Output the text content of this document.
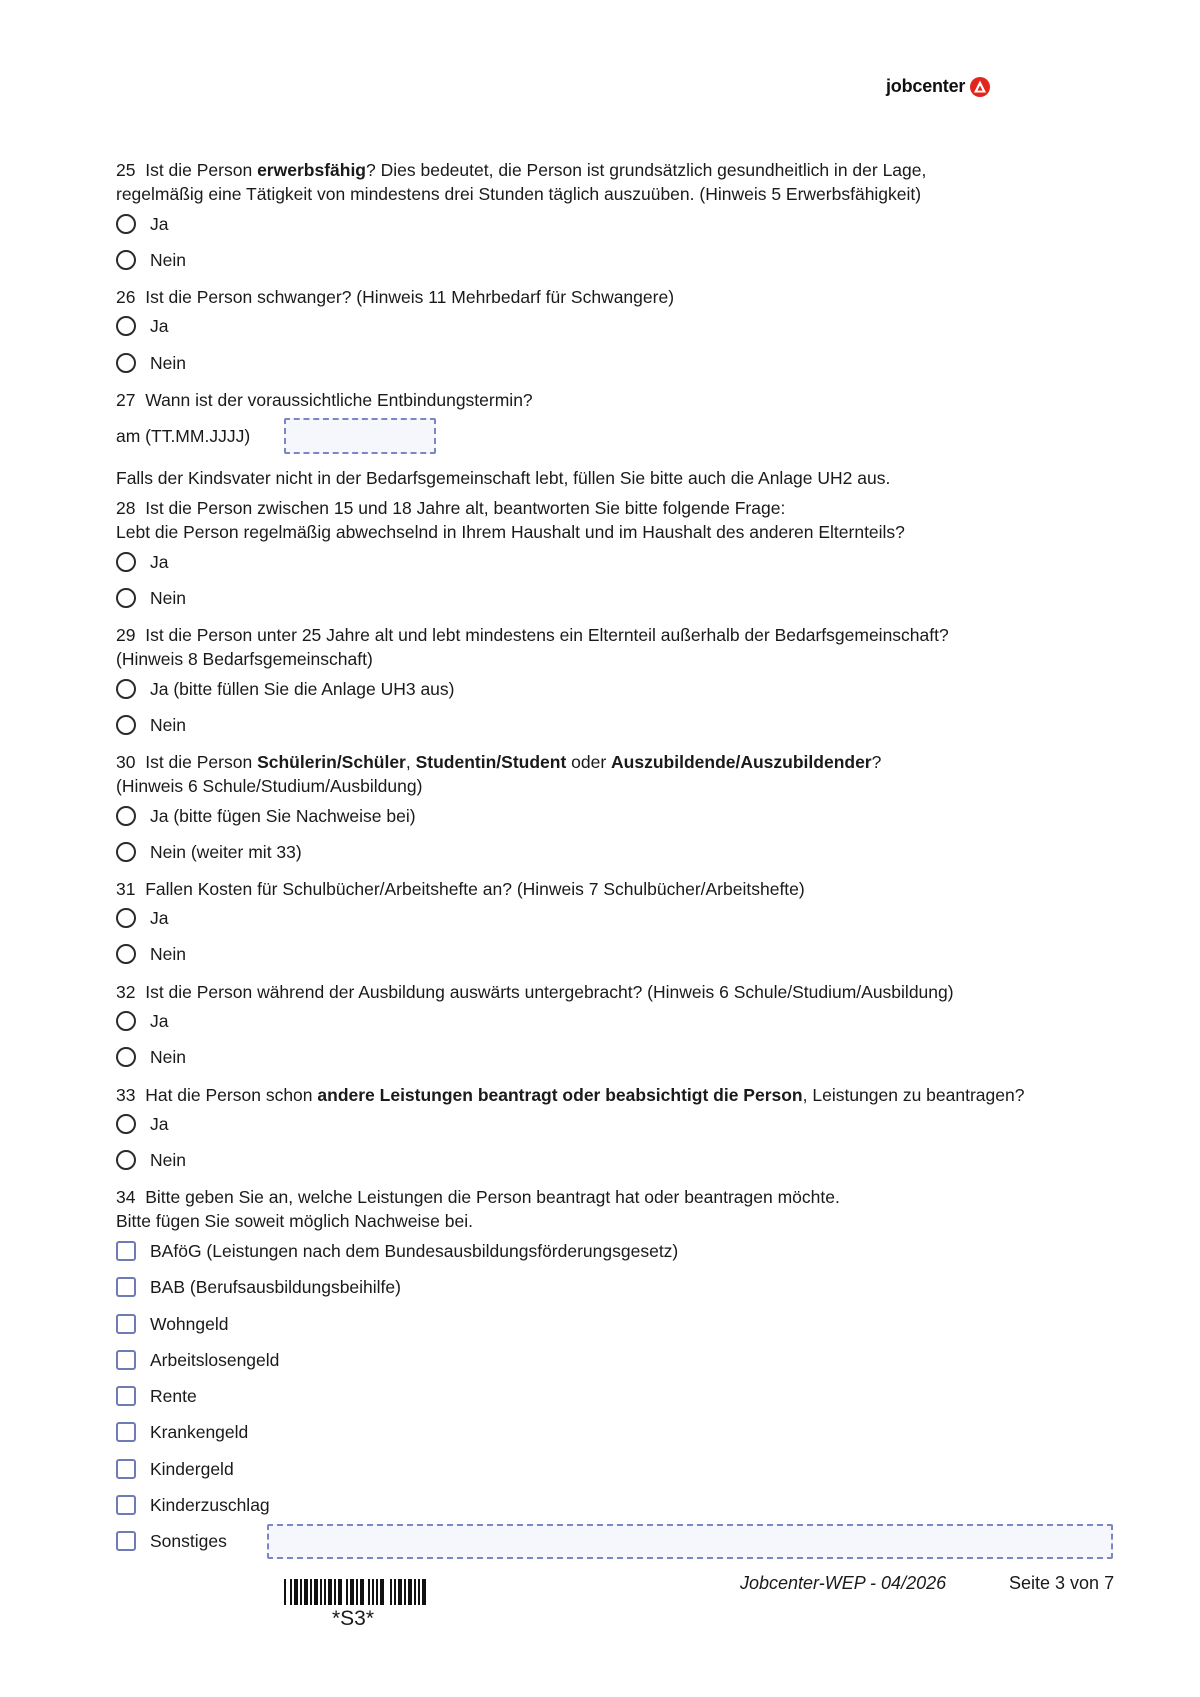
jobcenter
25 Ist die Person erwerbsfähig? Dies bedeutet, die Person ist grundsätzlich gesundheitlich in der Lage,
regelmäßig eine Tätigkeit von mindestens drei Stunden täglich auszuüben. (Hinweis 5 Erwerbsfähigkeit)
Ja
Nein
26 Ist die Person schwanger? (Hinweis 11 Mehrbedarf für Schwangere)
Ja
Nein
27 Wann ist der voraussichtliche Entbindungstermin?
am (TT.MM.JJJJ)
Falls der Kindsvater nicht in der Bedarfsgemeinschaft lebt, füllen Sie bitte auch die Anlage UH2 aus.
28 Ist die Person zwischen 15 und 18 Jahre alt, beantworten Sie bitte folgende Frage:
Lebt die Person regelmäßig abwechselnd in Ihrem Haushalt und im Haushalt des anderen Elternteils?
Ja
Nein
29 Ist die Person unter 25 Jahre alt und lebt mindestens ein Elternteil außerhalb der Bedarfsgemeinschaft?
(Hinweis 8 Bedarfsgemeinschaft)
Ja (bitte füllen Sie die Anlage UH3 aus)
Nein
30 Ist die Person Schülerin/Schüler, Studentin/Student oder Auszubildende/Auszubildender?
(Hinweis 6 Schule/Studium/Ausbildung)
Ja (bitte fügen Sie Nachweise bei)
Nein (weiter mit 33)
31 Fallen Kosten für Schulbücher/Arbeitshefte an? (Hinweis 7 Schulbücher/Arbeitshefte)
Ja
Nein
32 Ist die Person während der Ausbildung auswärts untergebracht? (Hinweis 6 Schule/Studium/Ausbildung)
Ja
Nein
33 Hat die Person schon andere Leistungen beantragt oder beabsichtigt die Person, Leistungen zu beantragen?
Ja
Nein
34 Bitte geben Sie an, welche Leistungen die Person beantragt hat oder beantragen möchte.
Bitte fügen Sie soweit möglich Nachweise bei.
BAföG (Leistungen nach dem Bundesausbildungsförderungsgesetz)
BAB (Berufsausbildungsbeihilfe)
Wohngeld
Arbeitslosengeld
Rente
Krankengeld
Kindergeld
Kinderzuschlag
Sonstiges
*S3*
Jobcenter-WEP - 04/2026	Seite 3 von 7
